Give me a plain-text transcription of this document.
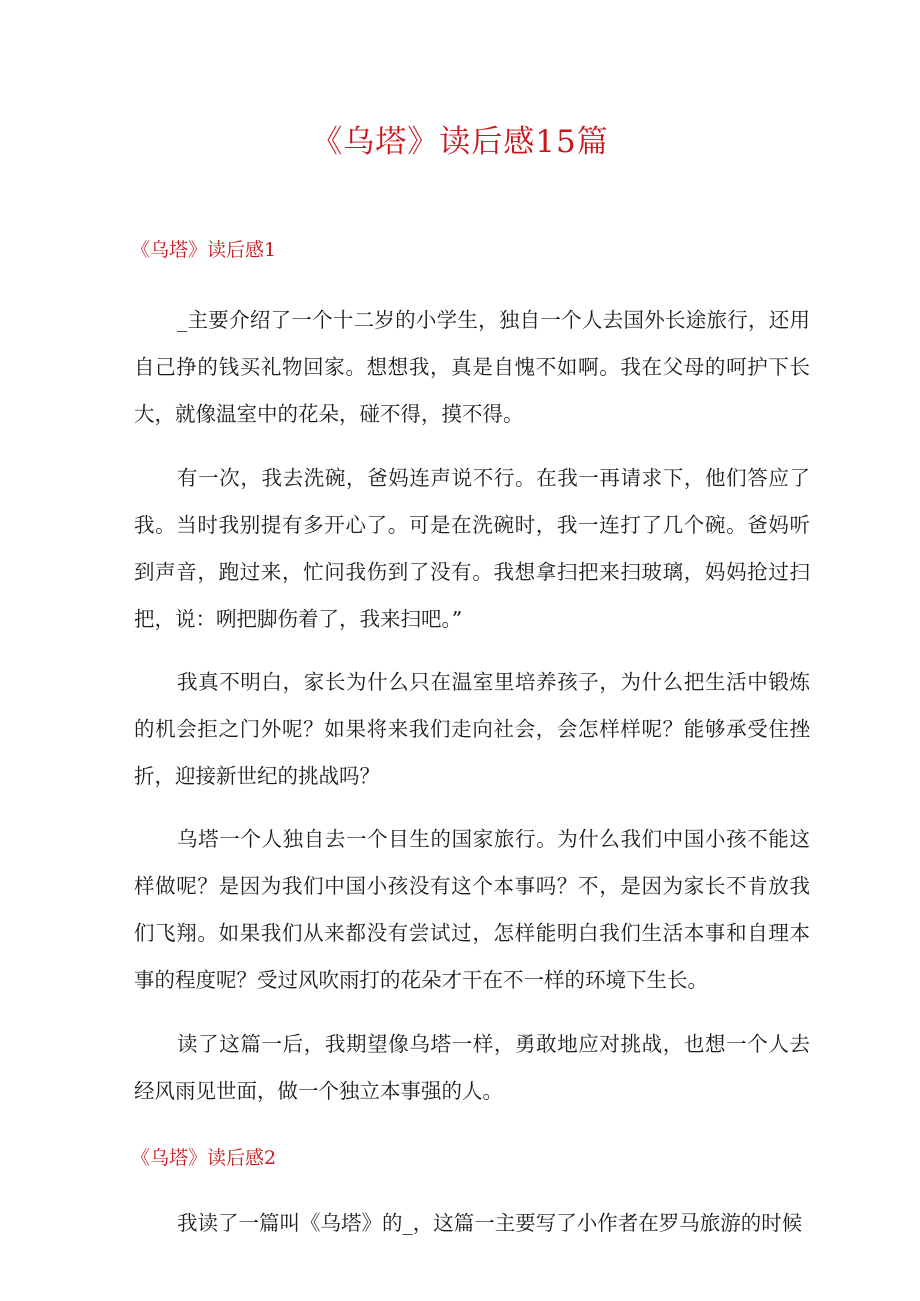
《乌塔》读后感15篇
《乌塔》读后感1

_主要介绍了一个十二岁的小学生，独自一个人去国外长途旅行，还用自己挣的钱买礼物回家。想想我，真是自愧不如啊。我在父母的呵护下长大，就像温室中的花朵，碰不得，摸不得。

有一次，我去洗碗，爸妈连声说不行。在我一再请求下，他们答应了我。当时我别提有多开心了。可是在洗碗时，我一连打了几个碗。爸妈听到声音，跑过来，忙问我伤到了没有。我想拿扫把来扫玻璃，妈妈抢过扫把，说：咧把脚伤着了，我来扫吧。”

我真不明白，家长为什么只在温室里培养孩子，为什么把生活中锻炼的机会拒之门外呢？如果将来我们走向社会，会怎样样呢？能够承受住挫折，迎接新世纪的挑战吗？

乌塔一个人独自去一个目生的国家旅行。为什么我们中国小孩不能这样做呢？是因为我们中国小孩没有这个本事吗？不，是因为家长不肯放我们飞翔。如果我们从来都没有尝试过，怎样能明白我们生活本事和自理本事的程度呢？受过风吹雨打的花朵才干在不一样的环境下生长。

读了这篇一后，我期望像乌塔一样，勇敢地应对挑战，也想一个人去经风雨见世面，做一个独立本事强的人。

《乌塔》读后感2

我读了一篇叫《乌塔》的_，这篇一主要写了小作者在罗马旅游的时候
